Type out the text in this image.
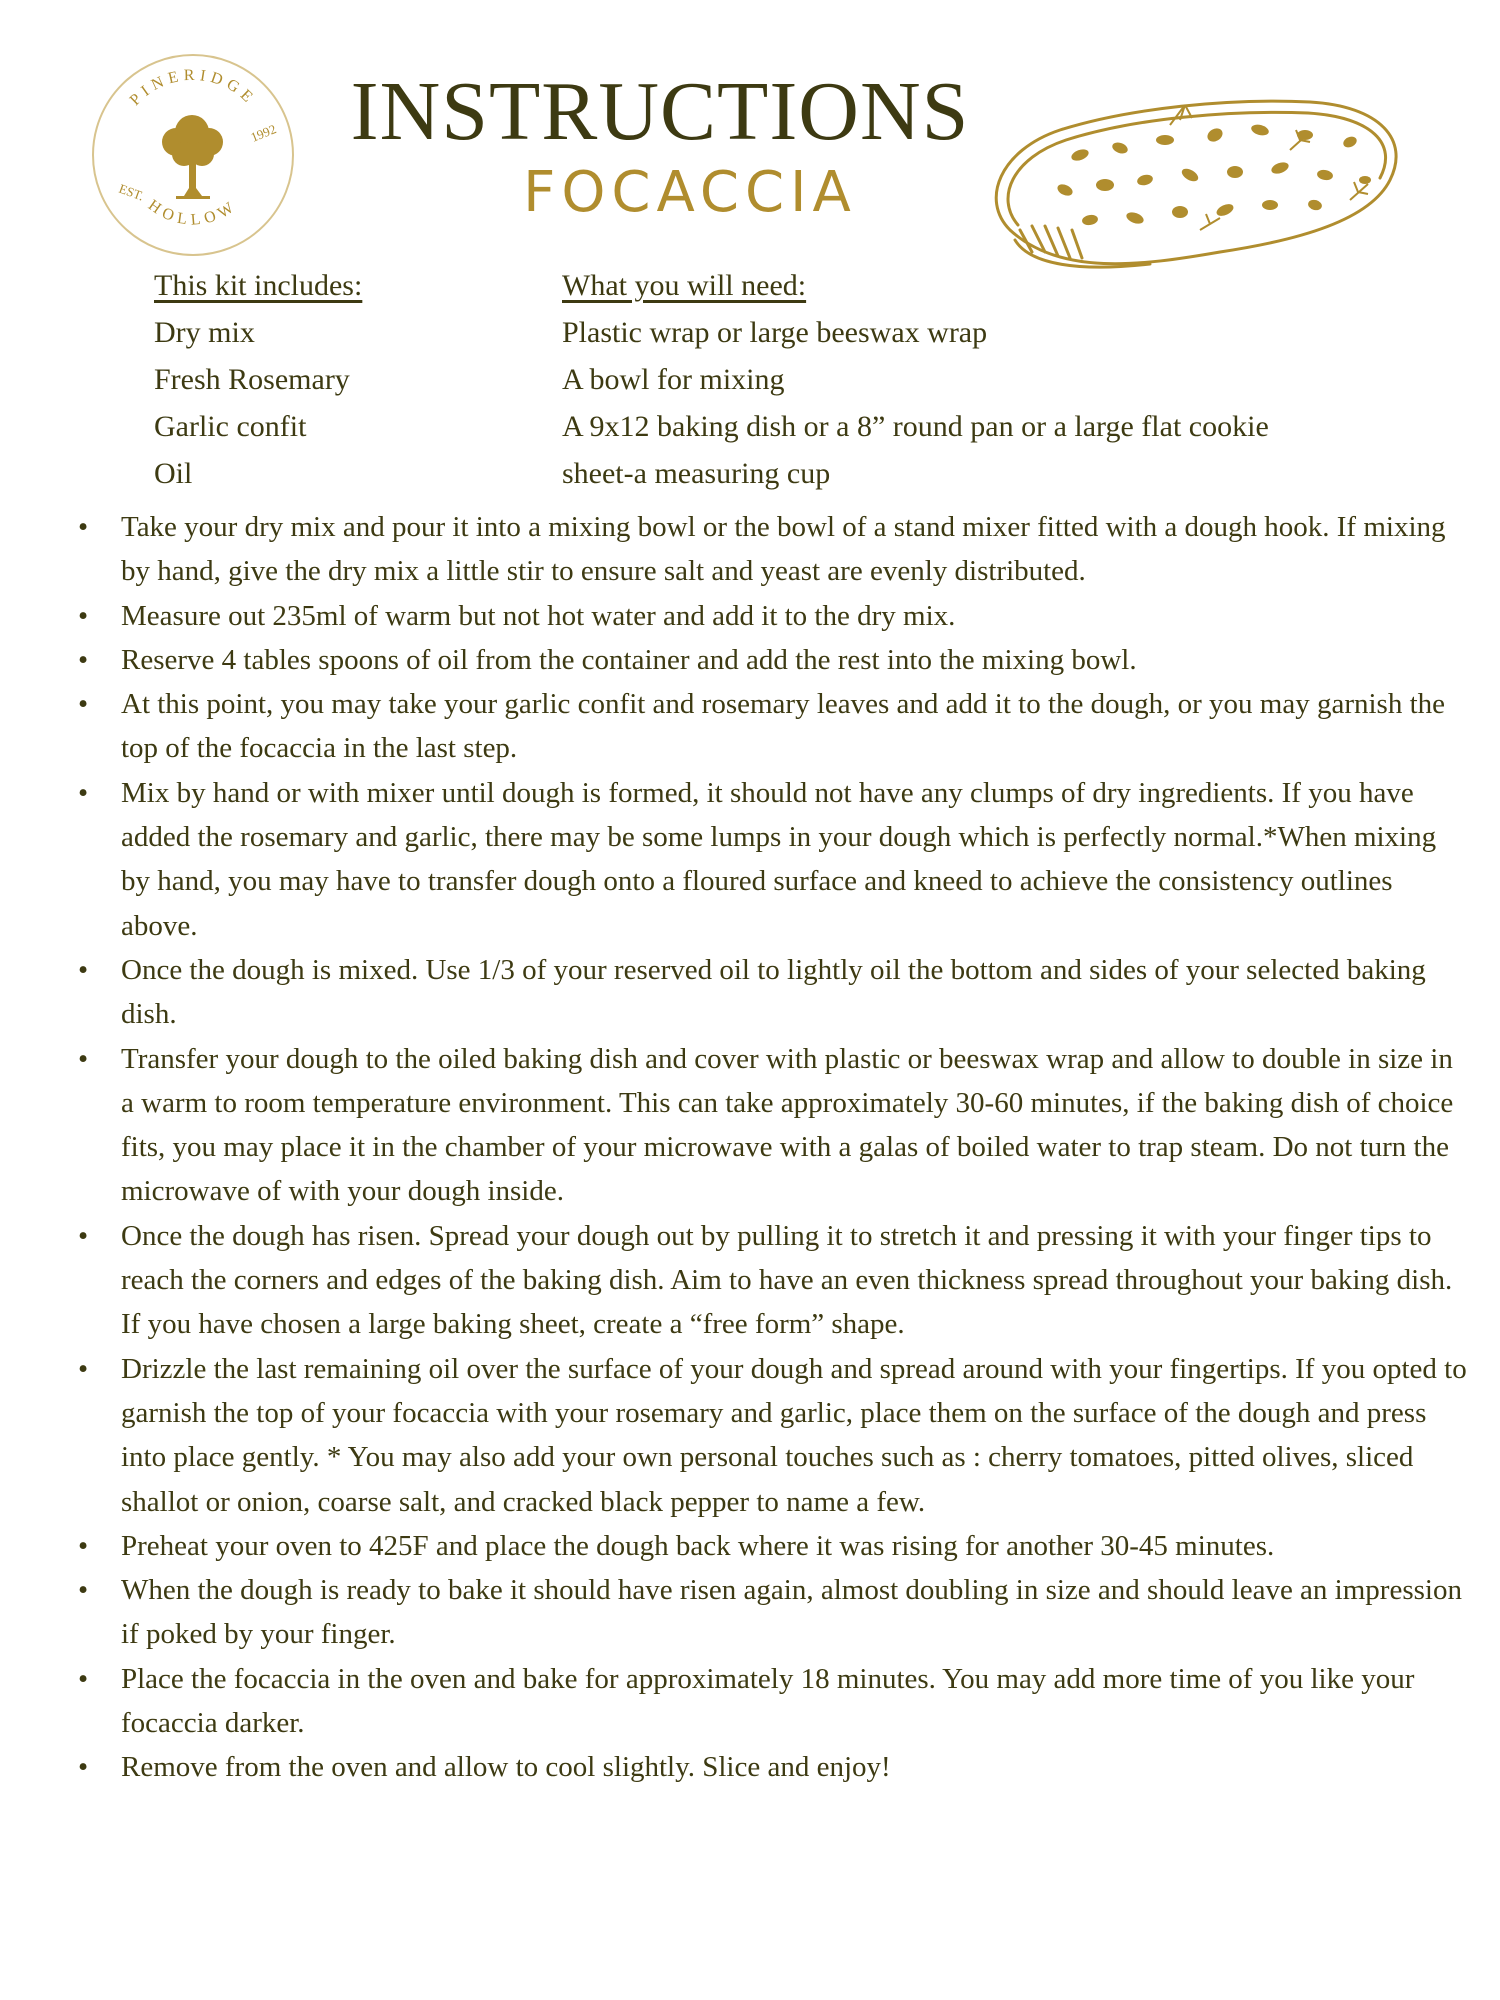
PINERIDGE
HOLLOW
EST.
1992 INSTRUCTIONS
FOCACCIA
This kit includes:
Dry mix
Fresh Rosemary
Garlic confit
Oil
What you will need:
Plastic wrap or large beeswax wrap
A bowl for mixing
A 9x12 baking dish or a 8” round pan or a large flat cookie
sheet-a measuring cup
• Take your dry mix and pour it into a mixing bowl or the bowl of a stand mixer fitted with a dough hook. If mixing by hand, give the dry mix a little stir to ensure salt and yeast are evenly distributed.
• Measure out 235ml of warm but not hot water and add it to the dry mix.
• Reserve 4 tables spoons of oil from the container and add the rest into the mixing bowl.
• At this point, you may take your garlic confit and rosemary leaves and add it to the dough, or you may garnish the top of the focaccia in the last step.
• Mix by hand or with mixer until dough is formed, it should not have any clumps of dry ingredients. If you have added the rosemary and garlic, there may be some lumps in your dough which is perfectly normal.*When mixing by hand, you may have to transfer dough onto a floured surface and kneed to achieve the consistency outlines above.
• Once the dough is mixed. Use 1/3 of your reserved oil to lightly oil the bottom and sides of your selected baking dish.
• Transfer your dough to the oiled baking dish and cover with plastic or beeswax wrap and allow to double in size in a warm to room temperature environment. This can take approximately 30-60 minutes, if the baking dish of choice fits, you may place it in the chamber of your microwave with a galas of boiled water to trap steam. Do not turn the microwave of with your dough inside.
• Once the dough has risen. Spread your dough out by pulling it to stretch it and pressing it with your finger tips to reach the corners and edges of the baking dish. Aim to have an even thickness spread throughout your baking dish. If you have chosen a large baking sheet, create a “free form” shape.
• Drizzle the last remaining oil over the surface of your dough and spread around with your fingertips. If you opted to garnish the top of your focaccia with your rosemary and garlic, place them on the surface of the dough and press into place gently. * You may also add your own personal touches such as : cherry tomatoes, pitted olives, sliced shallot or onion, coarse salt, and cracked black pepper to name a few.
• Preheat your oven to 425F and place the dough back where it was rising for another 30-45 minutes.
• When the dough is ready to bake it should have risen again, almost doubling in size and should leave an impression if poked by your finger.
• Place the focaccia in the oven and bake for approximately 18 minutes. You may add more time of you like your focaccia darker.
• Remove from the oven and allow to cool slightly. Slice and enjoy!
